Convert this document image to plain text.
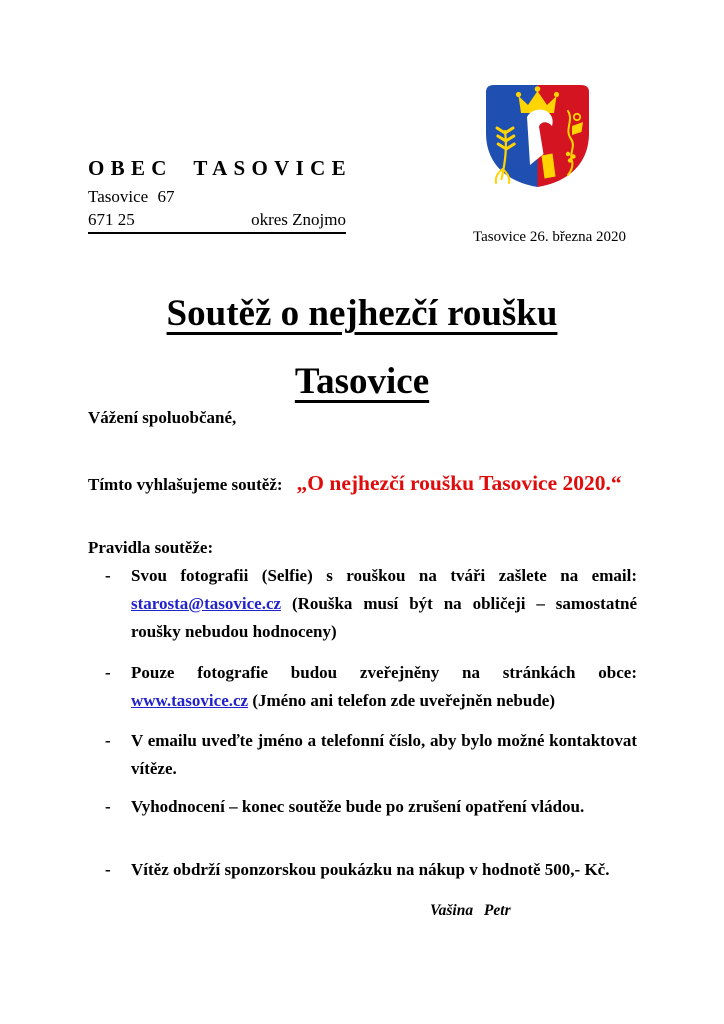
OBEC TASOVICE
Tasovice 67
671 25	okres Znojmo
Tasovice 26. března 2020
Soutěž o nejhezčí roušku
Tasovice
Vážení spoluobčané,
Tímto vyhlašujeme soutěž: „O nejhezčí roušku Tasovice 2020.“
Pravidla soutěže:
-	Svou fotografii (Selfie) s rouškou na tváři zašlete na email: starosta@tasovice.cz (Rouška musí být na obličeji – samostatné roušky nebudou hodnoceny)
-	Pouze fotografie budou zveřejněny na stránkách obce: www.tasovice.cz (Jméno ani telefon zde uveřejněn nebude)
-	V emailu uveďte jméno a telefonní číslo, aby bylo možné kontaktovat vítěze.
-	Vyhodnocení – konec soutěže bude po zrušení opatření vládou.
-	Vítěz obdrží sponzorskou poukázku na nákup v hodnotě 500,- Kč.
Vašina Petr
